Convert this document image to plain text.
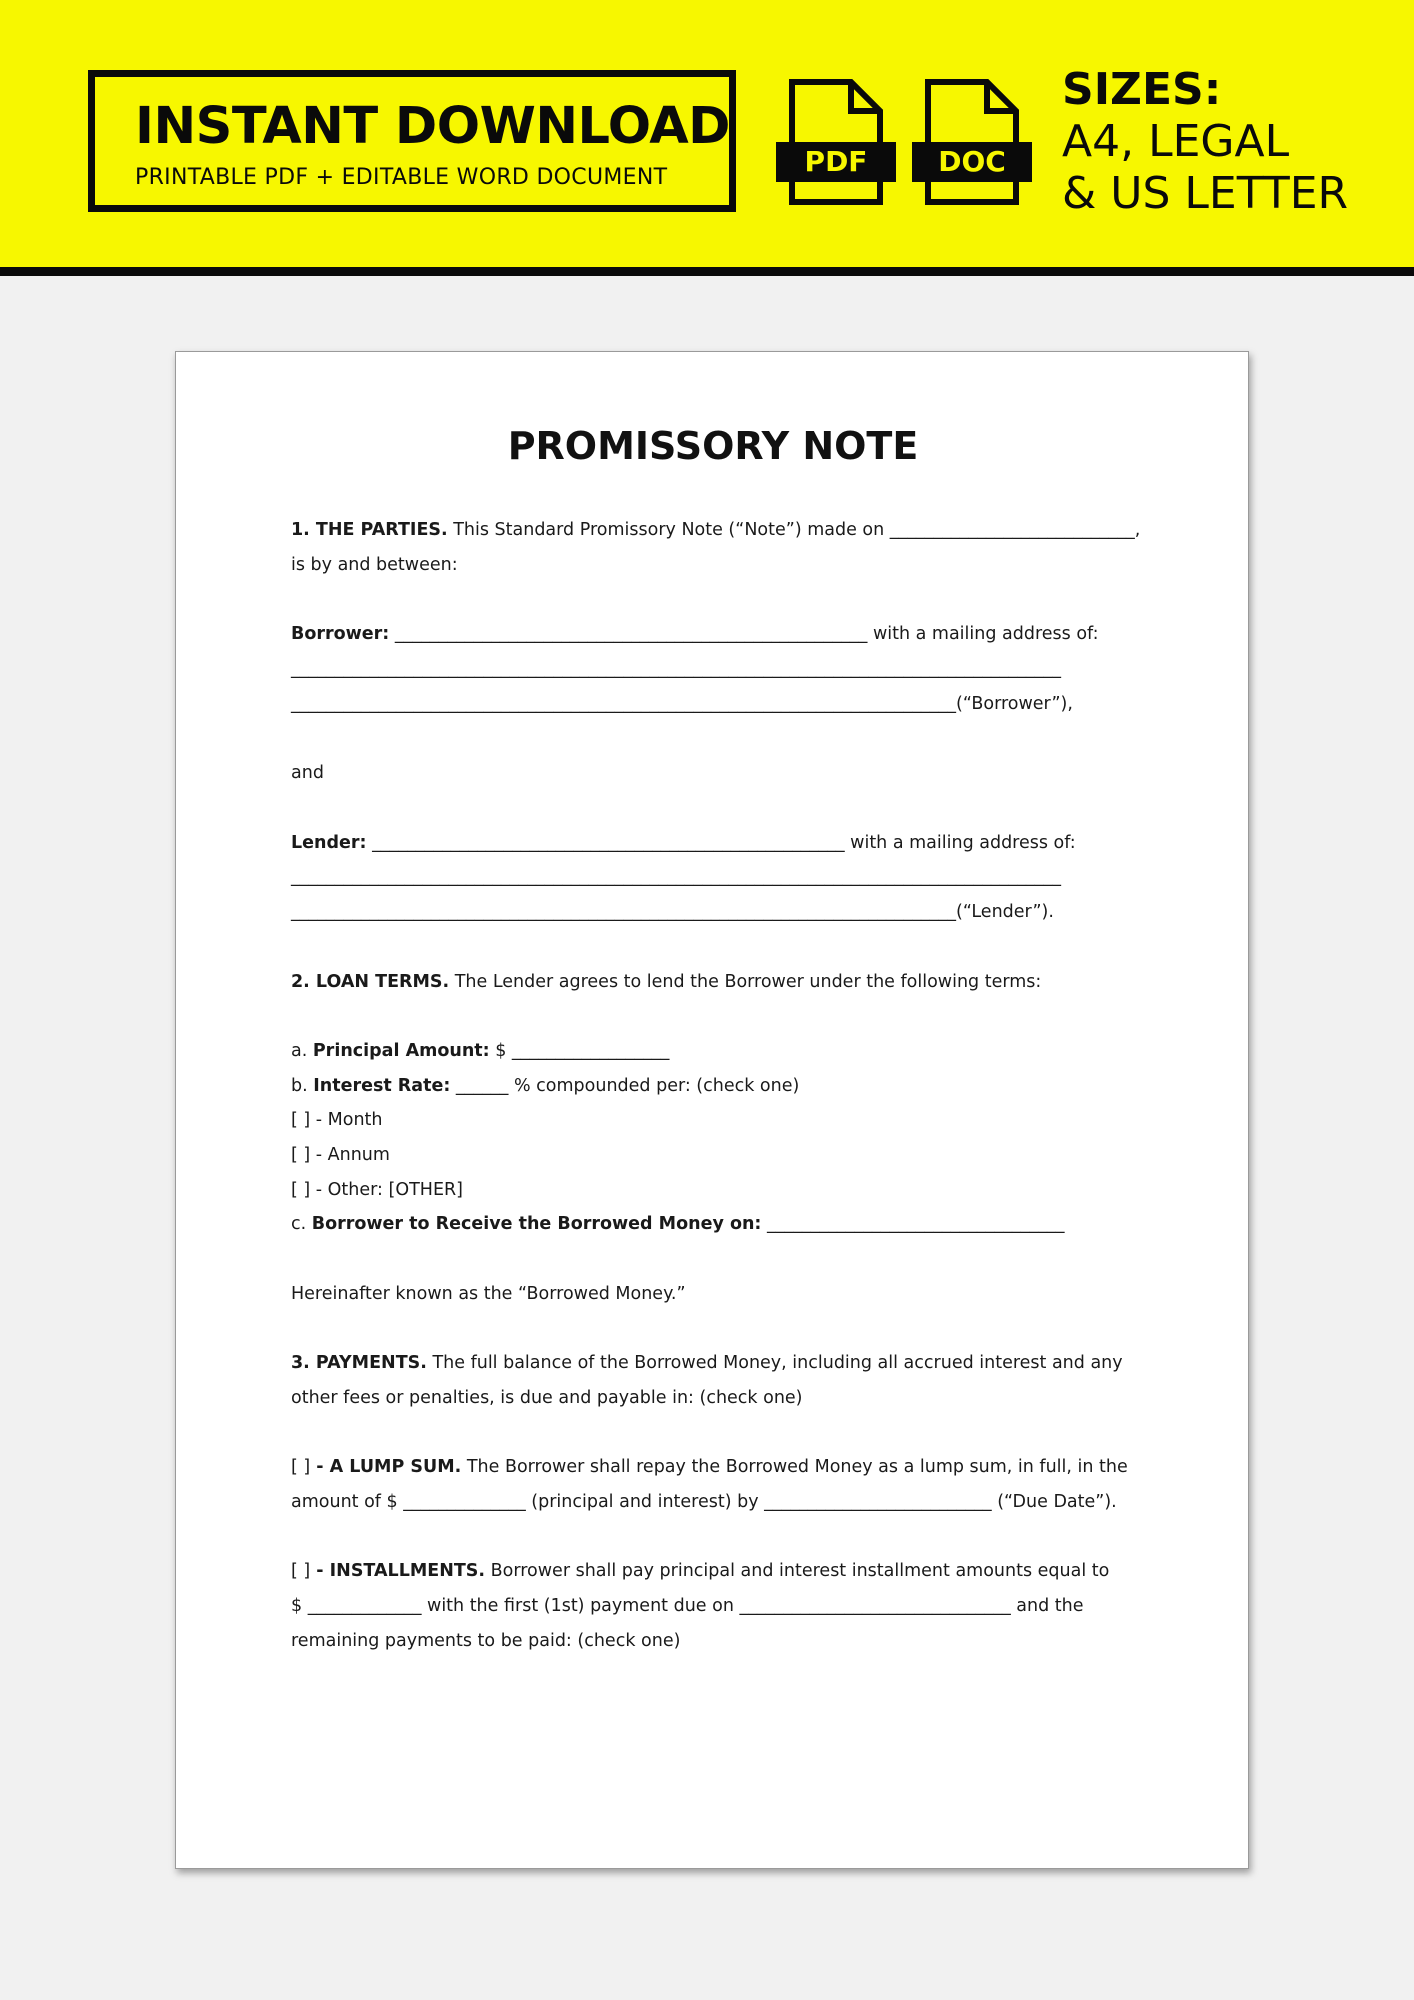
INSTANT DOWNLOAD
PRINTABLE PDF + EDITABLE WORD DOCUMENT	PDF	DOC
SIZES:
A4, LEGAL
& US LETTER
PROMISSORY NOTE
1. THE PARTIES. This Standard Promissory Note (“Note”) made on ____________________________,
is by and between:
Borrower: ______________________________________________________ with a mailing address of:
________________________________________________________________________________________
____________________________________________________________________________(“Borrower”),
and
Lender: ______________________________________________________ with a mailing address of:
________________________________________________________________________________________
____________________________________________________________________________(“Lender”).
2. LOAN TERMS. The Lender agrees to lend the Borrower under the following terms:
a. Principal Amount: $ __________________
b. Interest Rate: ______ % compounded per: (check one)
[ ] - Month
[ ] - Annum
[ ] - Other: [OTHER]
c. Borrower to Receive the Borrowed Money on: __________________________________
Hereinafter known as the “Borrowed Money.”
3. PAYMENTS. The full balance of the Borrowed Money, including all accrued interest and any
other fees or penalties, is due and payable in: (check one)
[ ] - A LUMP SUM. The Borrower shall repay the Borrowed Money as a lump sum, in full, in the
amount of $ ______________ (principal and interest) by __________________________ (“Due Date”).
[ ] - INSTALLMENTS. Borrower shall pay principal and interest installment amounts equal to
$ _____________ with the first (1st) payment due on _______________________________ and the
remaining payments to be paid: (check one)
